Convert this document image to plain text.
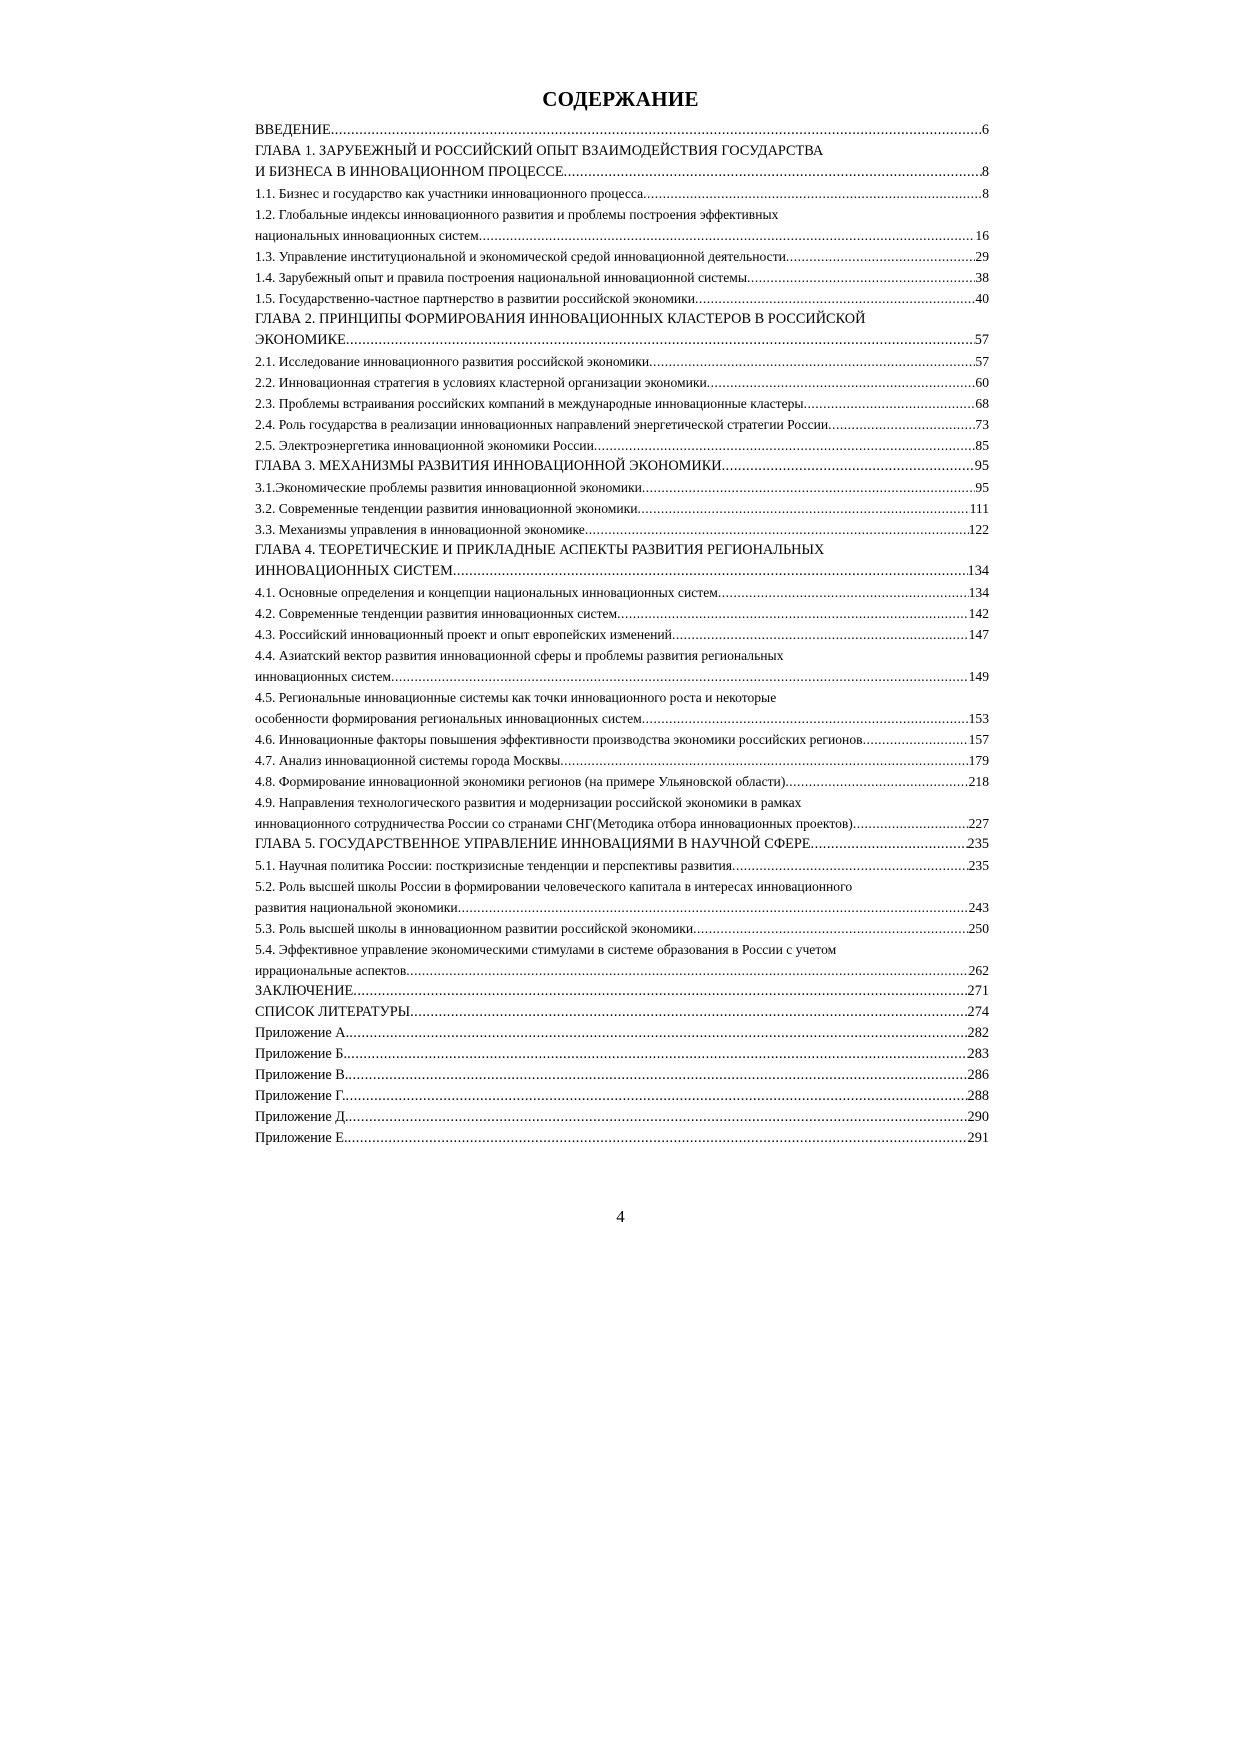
СОДЕРЖАНИЕ
ВВЕДЕНИЕ .....	6
ГЛАВА 1. ЗАРУБЕЖНЫЙ И РОССИЙСКИЙ ОПЫТ ВЗАИМОДЕЙСТВИЯ ГОСУДАРСТВА
И БИЗНЕСА В ИННОВАЦИОННОМ ПРОЦЕССЕ .....	8
1.1. Бизнес и государство как участники инновационного процесса .....	8
1.2. Глобальные индексы инновационного развития и проблемы построения эффективных
национальных инновационных систем .....	16
1.3. Управление институциональной и экономической средой инновационной деятельности .....	29
1.4. Зарубежный опыт и правила построения национальной инновационной системы .....	38
1.5. Государственно-частное партнерство в развитии российской экономики .....	40
ГЛАВА 2. ПРИНЦИПЫ ФОРМИРОВАНИЯ ИННОВАЦИОННЫХ КЛАСТЕРОВ В РОССИЙСКОЙ
ЭКОНОМИКЕ .....	57
2.1. Исследование инновационного развития российской экономики .....	57
2.2. Инновационная стратегия в условиях кластерной организации экономики .....	60
2.3. Проблемы встраивания российских компаний в международные инновационные кластеры .....	68
2.4. Роль государства в реализации инновационных направлений энергетической стратегии России .....	73
2.5. Электроэнергетика инновационной экономики России .....	85
ГЛАВА 3. МЕХАНИЗМЫ РАЗВИТИЯ ИННОВАЦИОННОЙ ЭКОНОМИКИ .....	95
3.1.Экономические проблемы развития инновационной экономики .....	95
3.2. Современные тенденции развития инновационной экономики .....	111
3.3. Механизмы управления в инновационной экономике .....	122
ГЛАВА 4. ТЕОРЕТИЧЕСКИЕ И ПРИКЛАДНЫЕ АСПЕКТЫ РАЗВИТИЯ РЕГИОНАЛЬНЫХ
ИННОВАЦИОННЫХ СИСТЕМ .....	134
4.1. Основные определения и концепции национальных инновационных систем .....	134
4.2. Современные тенденции развития инновационных систем .....	142
4.3. Российский инновационный проект и опыт европейских изменений .....	147
4.4. Азиатский вектор развития инновационной сферы и проблемы развития региональных
инновационных систем .....	149
4.5. Региональные инновационные системы как точки инновационного роста и некоторые
особенности формирования региональных инновационных систем .....	153
4.6. Инновационные факторы повышения эффективности производства экономики российских регионов .....	157
4.7. Анализ инновационной системы города Москвы .....	179
4.8. Формирование инновационной экономики регионов (на примере Ульяновской области) .....	218
4.9. Направления технологического развития и модернизации российской экономики в рамках
инновационного сотрудничества России со странами СНГ(Методика отбора инновационных проектов) .....	227
ГЛАВА 5. ГОСУДАРСТВЕННОЕ УПРАВЛЕНИЕ ИННОВАЦИЯМИ В НАУЧНОЙ СФЕРЕ .....	235
5.1. Научная политика России: посткризисные тенденции и перспективы развития .....	235
5.2. Роль высшей школы России в формировании человеческого капитала в интересах инновационного
развития национальной экономики .....	243
5.3. Роль высшей школы в инновационном развитии российской экономики .....	250
5.4. Эффективное управление экономическими стимулами в системе образования в России с учетом
иррациональные аспектов .....	262
ЗАКЛЮЧЕНИЕ .....	271
СПИСОК ЛИТЕРАТУРЫ .....	274
Приложение А. .....	282
Приложение Б. .....	283
Приложение В. .....	286
Приложение Г. .....	288
Приложение Д. .....	290
Приложение Е. .....	291
4
